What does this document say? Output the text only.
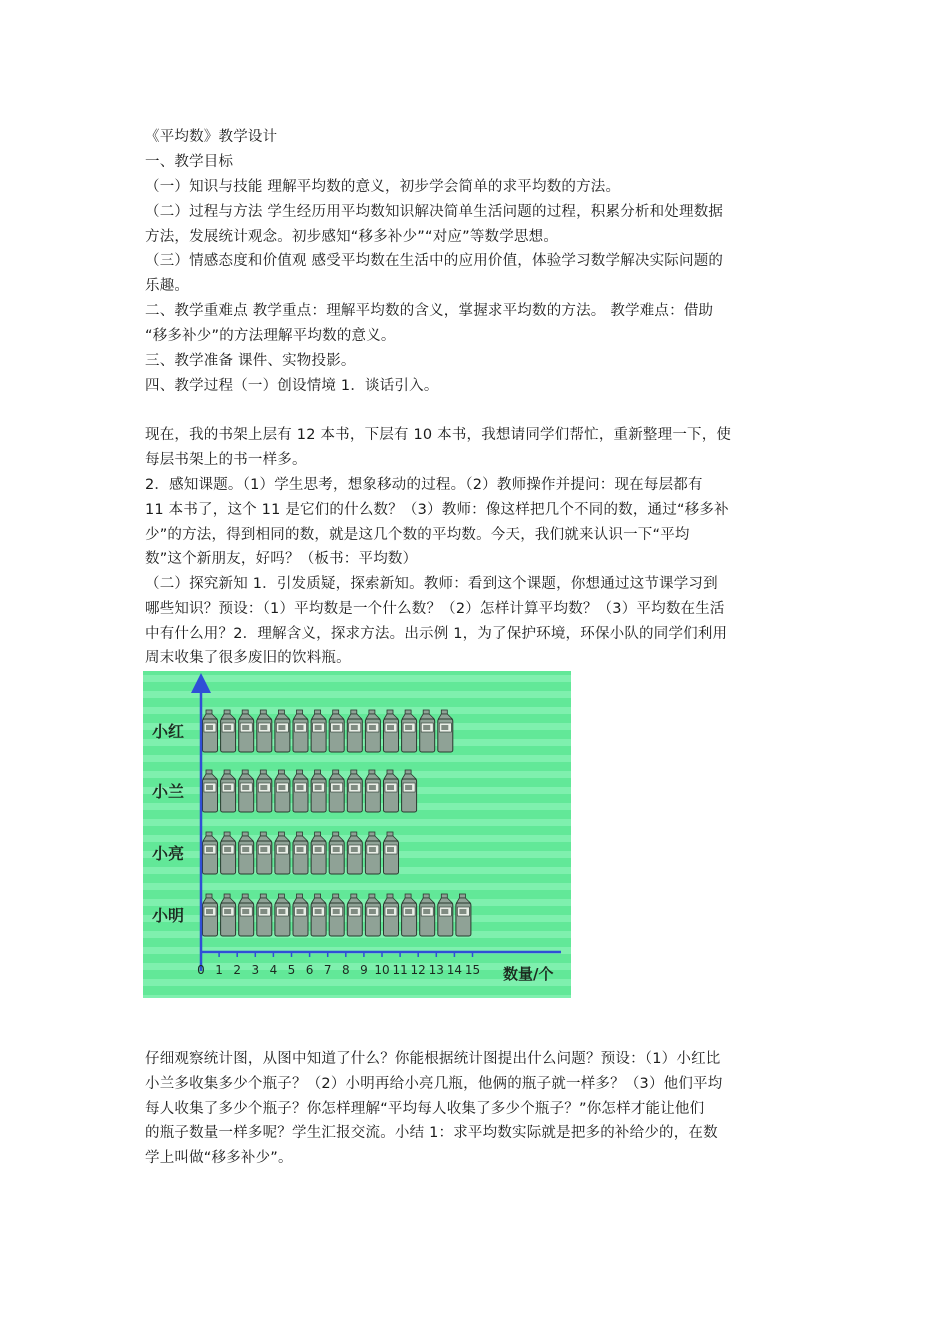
《平均数》教学设计
一、教学目标
（一）知识与技能 理解平均数的意义，初步学会简单的求平均数的方法。
（二）过程与方法 学生经历用平均数知识解决简单生活问题的过程，积累分析和处理数据
方法，发展统计观念。初步感知“移多补少”“对应”等数学思想。
（三）情感态度和价值观 感受平均数在生活中的应用价值，体验学习数学解决实际问题的
乐趣。
二、教学重难点 教学重点：理解平均数的含义，掌握求平均数的方法。 教学难点：借助
“移多补少”的方法理解平均数的意义。
三、教学准备 课件、实物投影。
四、教学过程（一）创设情境 1．谈话引入。
现在，我的书架上层有 12 本书，下层有 10 本书，我想请同学们帮忙，重新整理一下，使
每层书架上的书一样多。
2．感知课题。（1）学生思考，想象移动的过程。（2）教师操作并提问：现在每层都有
11 本书了，这个 11 是它们的什么数？（3）教师：像这样把几个不同的数，通过“移多补
少”的方法，得到相同的数，就是这几个数的平均数。今天，我们就来认识一下“平均
数”这个新朋友，好吗？（板书：平均数）
（二）探究新知 1．引发质疑，探索新知。教师：看到这个课题，你想通过这节课学习到
哪些知识？预设：（1）平均数是一个什么数？（2）怎样计算平均数？（3）平均数在生活
中有什么用？2．理解含义，探求方法。出示例 1，为了保护环境，环保小队的同学们利用
周末收集了很多废旧的饮料瓶。
小红
小兰
小亮
小明
0 1 2 3 4 5 6 7 8 9 10 11 12 13 14 15 数量/个
仔细观察统计图，从图中知道了什么？你能根据统计图提出什么问题？预设：（1）小红比
小兰多收集多少个瓶子？（2）小明再给小亮几瓶，他俩的瓶子就一样多？（3）他们平均
每人收集了多少个瓶子？你怎样理解“平均每人收集了多少个瓶子？”你怎样才能让他们
的瓶子数量一样多呢？学生汇报交流。小结 1：求平均数实际就是把多的补给少的，在数
学上叫做“移多补少”。
